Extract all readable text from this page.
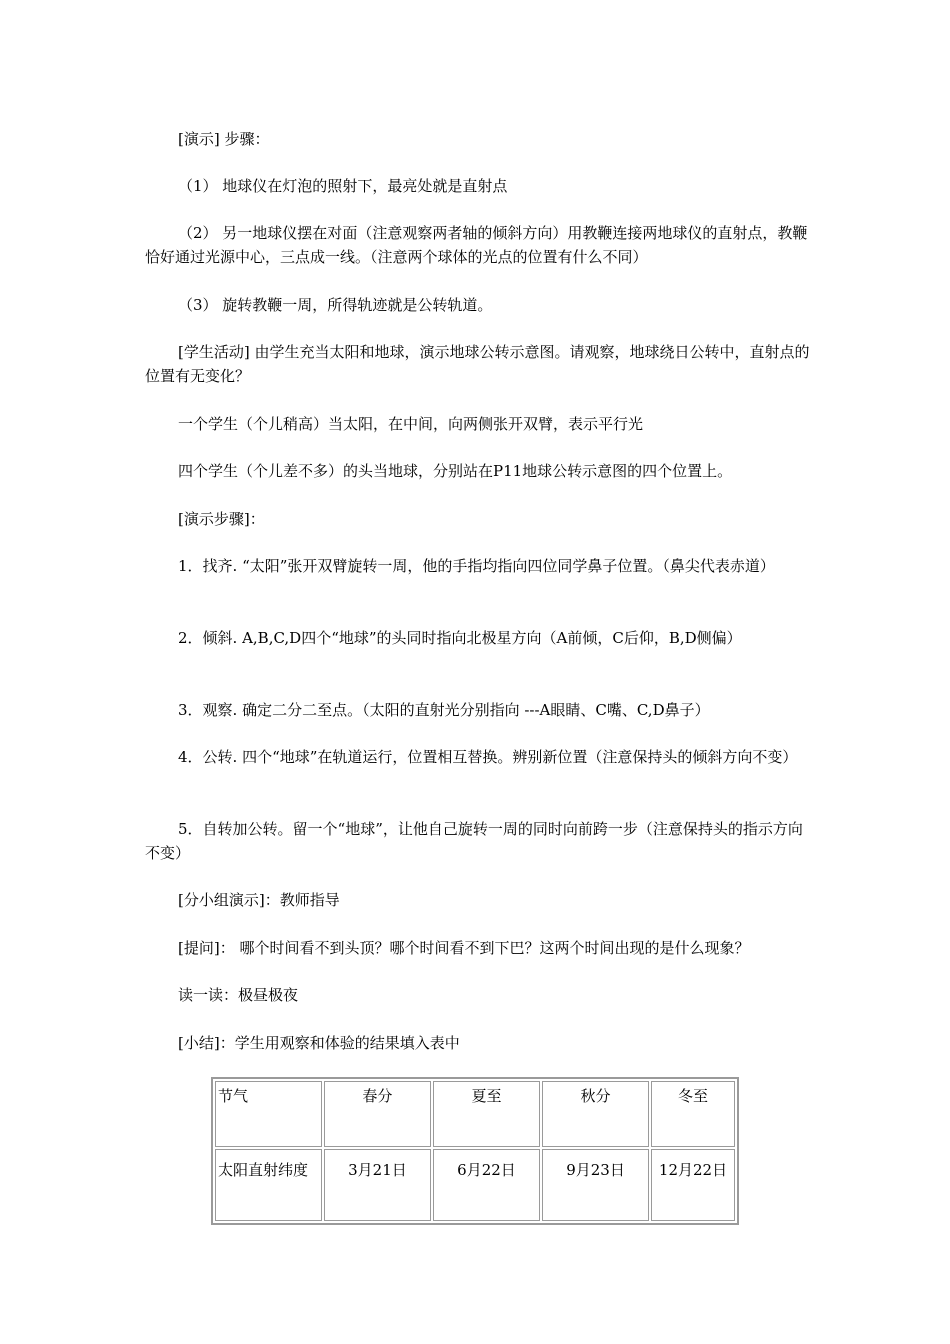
[演示] 步骤：

（1） 地球仪在灯泡的照射下，最亮处就是直射点

（2） 另一地球仪摆在对面（注意观察两者轴的倾斜方向）用教鞭连接两地球仪的直射点，教鞭恰好通过光源中心，三点成一线。（注意两个球体的光点的位置有什么不同）

（3） 旋转教鞭一周，所得轨迹就是公转轨道。

[学生活动] 由学生充当太阳和地球，演示地球公转示意图。请观察，地球绕日公转中，直射点的位置有无变化？

一个学生（个儿稍高）当太阳，在中间，向两侧张开双臂，表示平行光

四个学生（个儿差不多）的头当地球，分别站在P11地球公转示意图的四个位置上。

[演示步骤]：

1．找齐. “太阳”张开双臂旋转一周，他的手指均指向四位同学鼻子位置。（鼻尖代表赤道）

2．倾斜. A,B,C,D四个“地球”的头同时指向北极星方向（A前倾，C后仰，B,D侧偏）

3．观察. 确定二分二至点。（太阳的直射光分别指向 ---A眼睛、C嘴、C,D鼻子）

4．公转. 四个“地球”在轨道运行，位置相互替换。辨别新位置（注意保持头的倾斜方向不变）

5．自转加公转。留一个“地球”，让他自己旋转一周的同时向前跨一步（注意保持头的指示方向不变）

[分小组演示]：教师指导

[提问]： 哪个时间看不到头顶？哪个时间看不到下巴？这两个时间出现的是什么现象？

读一读：极昼极夜

[小结]：学生用观察和体验的结果填入表中

节气	春分	夏至	秋分	冬至
太阳直射纬度	3月21日	6月22日	9月23日	12月22日
